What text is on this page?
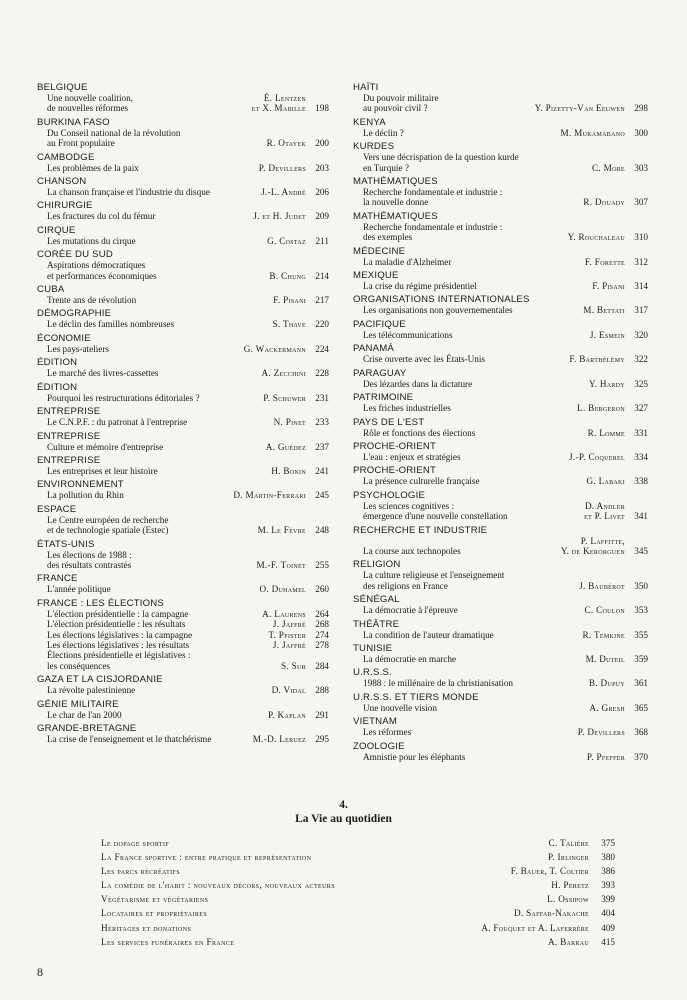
BELGIQUE
Une nouvelle coalition,
de nouvelles réformes
É. Lentzen
et X. Mabille	198
BURKINA FASO
Du Conseil national de la révolution
au Front populaire	R. Otayek	200
CAMBODGE
Les problèmes de la paix	P. Devillers	203
CHANSON
La chanson française et l'industrie du disque	J.-L. André	206
CHIRURGIE
Les fractures du col du fémur	J. et H. Judet	209
CIRQUE
Les mutations du cirque	G. Costaz	211
CORÉE DU SUD
Aspirations démocratiques
et performances économiques	B. Chung	214
CUBA
Trente ans de révolution	F. Pisani	217
DÉMOGRAPHIE
Le déclin des familles nombreuses	S. Thave	220
ÉCONOMIE
Les pays-ateliers	G. Wackermann	224
ÉDITION
Le marché des livres-cassettes	A. Zecchini	228
ÉDITION
Pourquoi les restructurations éditoriales ?	P. Schuwer	231
ENTREPRISE
Le C.N.P.F. : du patronat à l'entreprise	N. Pinet	233
ENTREPRISE
Culture et mémoire d'entreprise	A. Guédez	237
ENTREPRISE
Les entreprises et leur histoire	H. Bonin	241
ENVIRONNEMENT
La pollution du Rhin	D. Martin-Ferrari	245
ESPACE
Le Centre européen de recherche
et de technologie spatiale (Estec)	M. Le Fèvre	248
ÉTATS-UNIS
Les élections de 1988 :
des résultats contrastés	M.-F. Toinet	255
FRANCE
L'année politique	O. Duhamel	260
FRANCE : LES ÉLECTIONS
L'élection présidentielle : la campagne	A. Laurens	264
L'élection présidentielle : les résultats	J. Jaffré	268
Les élections législatives : la campagne	T. Pfister	274
Les élections législatives : les résultats	J. Jaffré	278
Élections présidentielle et législatives :
les conséquences	S. Sur	284
GAZA ET LA CISJORDANIE
La révolte palestinienne	D. Vidal	288
GÉNIE MILITAIRE
Le char de l'an 2000	P. Kaplan	291
GRANDE-BRETAGNE
La crise de l'enseignement et le thatchérisme	M.-D. Leruez	295
HAÏTI
Du pouvoir militaire
au pouvoir civil ?	Y. Pizetty-Van Eeuwen	298
KENYA
Le déclin ?	M. Mukamabano	300
KURDES
Vers une décrispation de la question kurde
en Turquie ?	C. More	303
MATHÉMATIQUES
Recherche fondamentale et industrie :
la nouvelle donne	R. Douady	307
MATHÉMATIQUES
Recherche fondamentale et industrie :
des exemples	Y. Rouchaleau	310
MÉDECINE
La maladie d'Alzheimer	F. Forette	312
MEXIQUE
La crise du régime présidentiel	F. Pisani	314
ORGANISATIONS INTERNATIONALES
Les organisations non gouvernementales	M. Bettati	317
PACIFIQUE
Les télécommunications	J. Esmein	320
PANAMÁ
Crise ouverte avec les États-Unis	F. Barthélémy	322
PARAGUAY
Des lézardes dans la dictature	Y. Hardy	325
PATRIMOINE
Les friches industrielles	L. Bergeron	327
PAYS DE L'EST
Rôle et fonctions des élections	R. Lomme	331
PROCHE-ORIENT
L'eau : enjeux et stratégies	J.-P. Coquerel	334
PROCHE-ORIENT
La présence culturelle française	G. Labaki	338
PSYCHOLOGIE
Les sciences cognitives :
émergence d'une nouvelle constellation
D. Andler
et P. Livet	341
RECHERCHE ET INDUSTRIE
La course aux technopoles
P. Laffitte,
Y. de Kerorguen	345
RELIGION
La culture religieuse et l'enseignement
des religions en France	J. Baubérot	350
SÉNÉGAL
La démocratie à l'épreuve	C. Coulon	353
THÉÂTRE
La condition de l'auteur dramatique	R. Temkine	355
TUNISIE
La démocratie en marche	M. Duteil	359
U.R.S.S.
1988 : le millénaire de la christianisation	B. Dupuy	361
U.R.S.S. ET TIERS MONDE
Une nouvelle vision	A. Gresh	365
VIETNAM
Les réformes	P. Devillers	368
ZOOLOGIE
Amnistie pour les éléphants	P. Pfeffer	370
4.
La Vie au quotidien
Le dopage sportif	C. Talière	375
La France sportive : entre pratique et représentation	P. Irlinger	380
Les parcs récréatifs	F. Bauer, T. Coltier	386
La comédie de l'habit : nouveaux décors, nouveaux acteurs	H. Peretz	393
Végétarisme et végétariens	L. Ossipow	399
Locataires et propriétaires	D. Saffar-Nakache	404
Héritages et donations	A. Fouquet et A. Laferrère	409
Les services funéraires en France	A. Barrau	415
8
